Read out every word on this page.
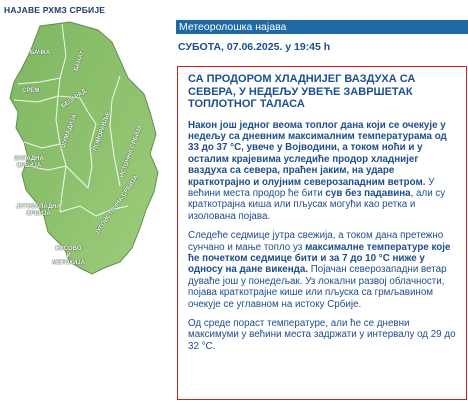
НАЈАВЕ РХМЗ СРБИЈЕ
БАЧКА	БАНАТ
СРЕМ	БЕОГРАД
ЗАПАДНА
СРБИЈА
ШУМАДИЈА ПОМОРАВЉЕ ИСТОЧНА СРБИЈА
ЈУГОЗАПАДНА
СРБИЈА	ЈУГОИСТОЧНА СРБИЈА
КОСОВО
И
МЕТОХИЈА
Метеоролошка најава
СУБОТА, 07.06.2025. у 19:45 h
СА ПРОДОРОМ ХЛАДНИЈЕГ ВАЗДУХА СА СЕВЕРА, У НЕДЕЉУ УВЕЋЕ ЗАВРШЕТАК ТОПЛОТНОГ ТАЛАСА
Након још једног веома топлог дана који се очекује у недељу са дневним максималним температурама од 33 до 37 °C, увече у Војводини, а током ноћи и у осталим крајевима уследиће продор хладнијег ваздуха са севера, праћен јаким, на ударе краткотрајно и олујним северозападним ветром. У већини места продор ће бити сув без падавина, али су краткотрајна киша или пљусак могући као ретка и изолована појава.
Следеће седмице јутра свежија, а током дана претежно сунчано и мање топло уз максималне температуре које ће почетком седмице бити и за 7 до 10 °C ниже у односу на дане викенда. Појачан северозападни ветар дуваће још у понедељак. Уз локални развој облачности, појава краткотрајне кише или пљуска са грмљавином очекује се углавном на истоку Србије.
Од среде пораст температуре, али ће се дневни максимуми у већини места задржати у интервалу од 29 до 32 °C.
